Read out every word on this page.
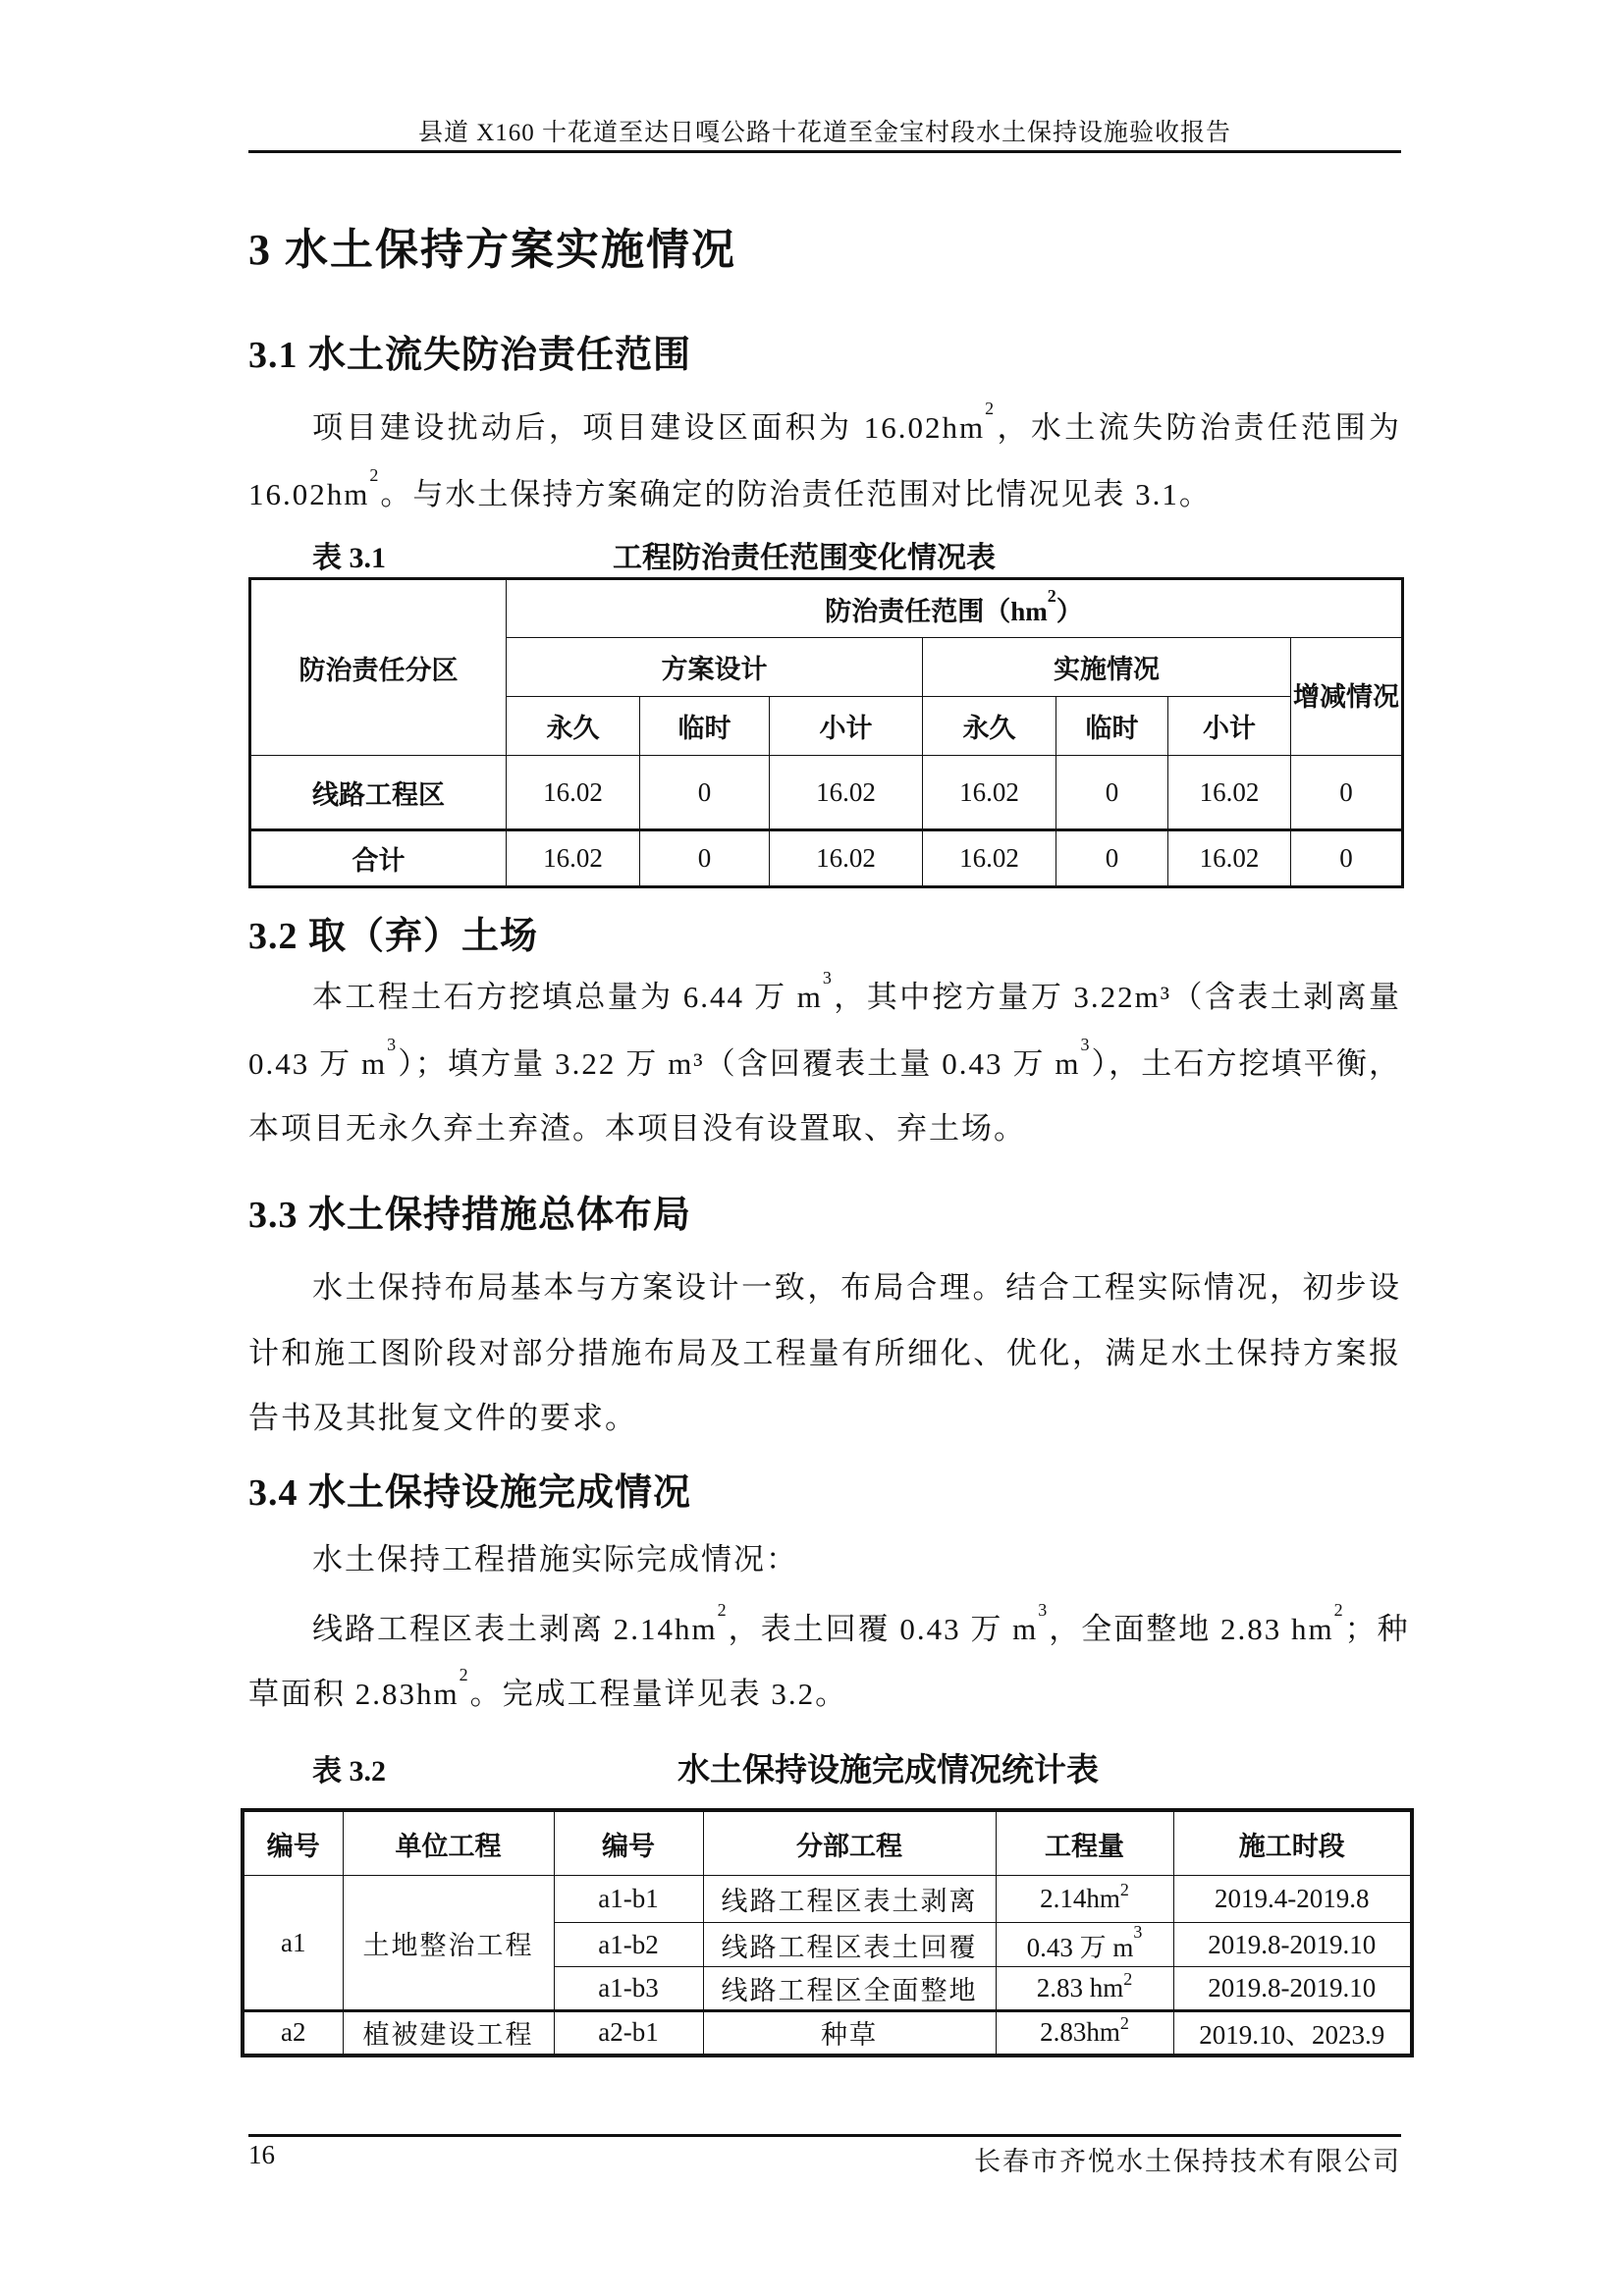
县道 X160 十花道至达日嘎公路十花道至金宝村段水土保持设施验收报告
3 水土保持方案实施情况
3.1 水土流失防治责任范围
项目建设扰动后，项目建设区面积为 $16.02hm^2$，水土流失防治责任范围为
$16.02hm^2$。与水土保持方案确定的防治责任范围对比情况见表 3.1。
表 3.1	工程防治责任范围变化情况表
防治责任分区	防治责任范围$(hm^2)$						
	方案设计			实施情况			增减情况
	永久	临时	小计	永久	临时	小计	
线路工程区	16.02	0	16.02	16.02	0	16.02	0
合计	16.02	0	16.02	16.02	0	16.02	0
3.2 取（弃）土场
本工程土石方挖填总量为 6.44 万 $m^3$，其中挖方量万 3.22m³（含表土剥离量
0.43 万 $m^3$）；填方量 3.22 万 m³（含回覆表土量 0.43 万 $m^3$），土石方挖填平衡，
本项目无永久弃土弃渣。本项目没有设置取、弃土场。
3.3 水土保持措施总体布局
水土保持布局基本与方案设计一致，布局合理。结合工程实际情况，初步设
计和施工图阶段对部分措施布局及工程量有所细化、优化，满足水土保持方案报
告书及其批复文件的要求。
3.4 水土保持设施完成情况
水土保持工程措施实际完成情况：
线路工程区表土剥离 $2.14hm^2$，表土回覆 0.43 万 $m^3$，全面整地 2.83 $hm^2$；种
草面积 $2.83hm^2$。完成工程量详见表 3.2。
表 3.2	水土保持设施完成情况统计表
编号	单位工程	编号	分部工程	工程量	施工时段
a1	土地整治工程	a1-b1	线路工程区表土剥离	$2.14hm^2$	2019.4-2019.8
		a1-b2	线路工程区表土回覆	0.43 万 $m^3$	2019.8-2019.10
		a1-b3	线路工程区全面整地	2.83 $hm^2$	2019.8-2019.10
a2	植被建设工程	a2-b1	种草	$2.83hm^2$	2019.10、2023.9
16	长春市齐悦水土保持技术有限公司
